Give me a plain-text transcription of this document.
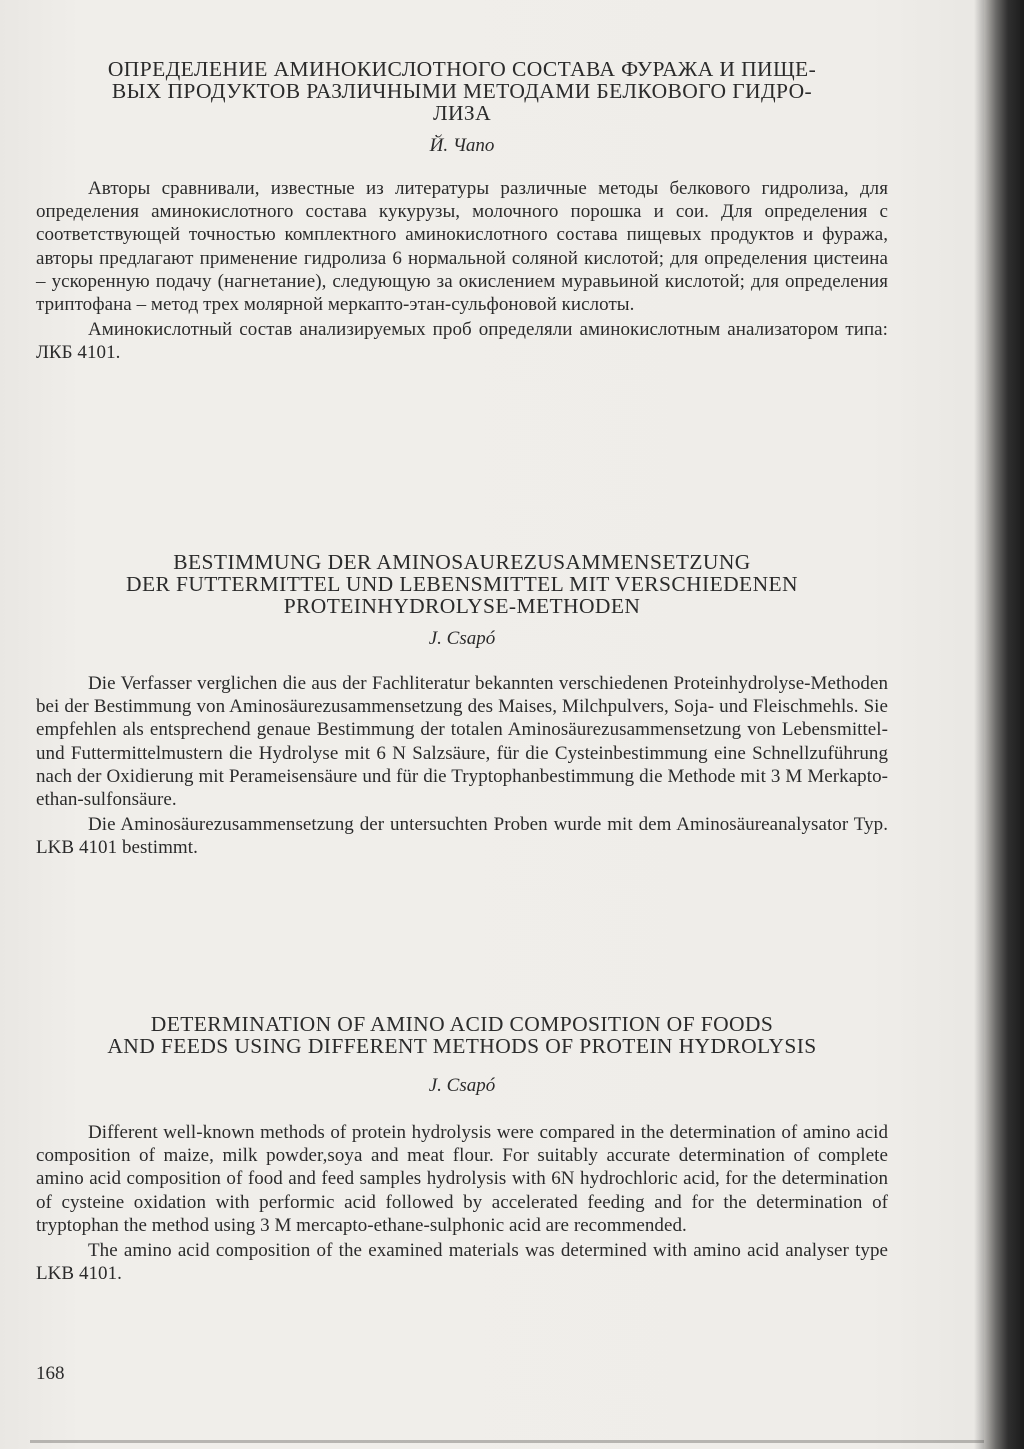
ОПРЕДЕЛЕНИЕ АМИНОКИСЛОТНОГО СОСТАВА ФУРАЖА И ПИЩЕ-
ВЫХ ПРОДУКТОВ РАЗЛИЧНЫМИ МЕТОДАМИ БЕЛКОВОГО ГИДРО-
ЛИЗА

Й. Чапо

Авторы сравнивали, известные из литературы различные методы белкового гидролиза, для определения аминокислотного состава кукурузы, молочного порошка и сои. Для определения с соответствующей точностью комплектного аминокислотного состава пищевых продуктов и фуража, авторы предлагают применение гидролиза 6 нормальной соляной кислотой; для определения цистеина – ускоренную подачу (нагнетание), следующую за окислением муравьиной кислотой; для определения триптофана – метод трех молярной меркапто-этан-сульфоновой кислоты.

Аминокислотный состав анализируемых проб определяли аминокислотным анализатором типа: ЛКБ 4101.

BESTIMMUNG DER AMINOSAUREZUSAMMENSETZUNG
DER FUTTERMITTEL UND LEBENSMITTEL MIT VERSCHIEDENEN
PROTEINHYDROLYSE-METHODEN

J. Csapó

Die Verfasser verglichen die aus der Fachliteratur bekannten verschiedenen Proteinhydrolyse-Methoden bei der Bestimmung von Aminosäurezusammensetzung des Maises, Milchpulvers, Soja- und Fleischmehls. Sie empfehlen als entsprechend genaue Bestimmung der totalen Aminosäurezusammensetzung von Lebensmittel- und Futtermittelmustern die Hydrolyse mit 6 N Salzsäure, für die Cysteinbestimmung eine Schnellzuführung nach der Oxidierung mit Perameisensäure und für die Tryptophanbestimmung die Methode mit 3 M Merkapto-ethan-sulfonsäure.

Die Aminosäurezusammensetzung der untersuchten Proben wurde mit dem Aminosäureanalysator Typ. LKB 4101 bestimmt.

DETERMINATION OF AMINO ACID COMPOSITION OF FOODS
AND FEEDS USING DIFFERENT METHODS OF PROTEIN HYDROLYSIS

J. Csapó

Different well-known methods of protein hydrolysis were compared in the determination of amino acid composition of maize, milk powder,soya and meat flour. For suitably accurate determination of complete amino acid composition of food and feed samples hydrolysis with 6N hydrochloric acid, for the determination of cysteine oxidation with performic acid followed by accelerated feeding and for the determination of tryptophan the method using 3 M mercapto-ethane-sulphonic acid are recommended.

The amino acid composition of the examined materials was determined with amino acid analyser type LKB 4101.

168
